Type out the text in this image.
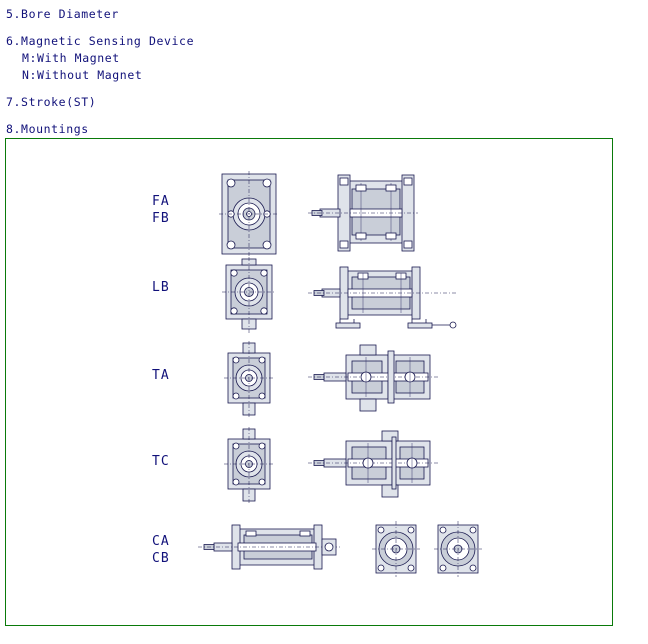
5.Bore Diameter
6.Magnetic Sensing Device
M:With Magnet
N:Without Magnet
7.Stroke(ST)
8.Mountings
FA
FB
LB
TA
TC
CA
CB
